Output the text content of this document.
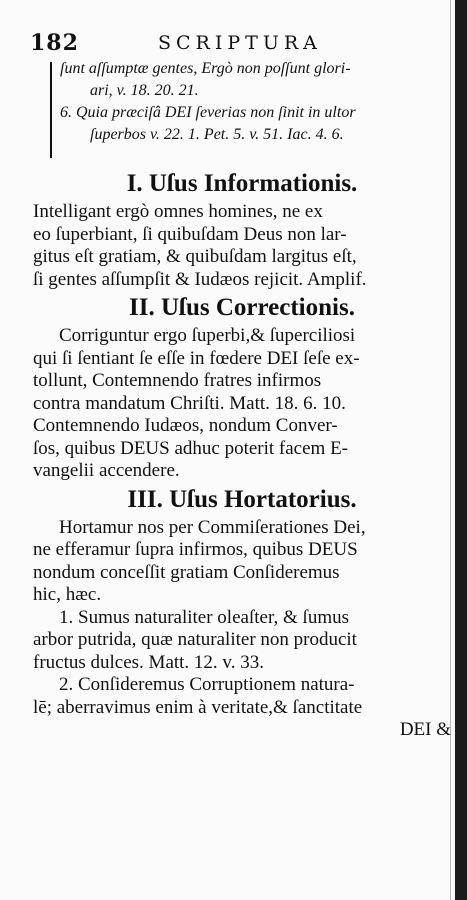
182	SCRIPTURA
ſunt aſſumptæ gentes, Ergò non poſſunt glori-
ari, v. 18. 20. 21.
6. Quia præciſâ DEI ſeverias non ſinit in ultor
ſuperbos v. 22. 1. Pet. 5. v. 51. Iac. 4. 6.
I. Uſus Informationis.
Intelligant ergò omnes homines, ne ex
eo ſuperbiant, ſi quibuſdam Deus non lar-
gitus eſt gratiam, & quibuſdam largitus eſt,
ſi gentes aſſumpſit & Iudæos rejicit. Amplif.
II. Uſus Correctionis.
Corriguntur ergo ſuperbi,& ſuperciliosi
qui ſi ſentiant ſe eſſe in fœdere DEI ſeſe ex-
tollunt, Contemnendo fratres infirmos
contra mandatum Chriſti. Matt. 18. 6. 10.
Contemnendo Iudæos, nondum Conver-
ſos, quibus DEUS adhuc poterit facem E-
vangelii accendere.
III. Uſus Hortatorius.
Hortamur nos per Commiſerationes Dei,
ne efferamur ſupra infirmos, quibus DEUS
nondum conceſſit gratiam Conſideremus
hic, hæc.
1. Sumus naturaliter oleaſter, & ſumus
arbor putrida, quæ naturaliter non producit
fructus dulces. Matt. 12. v. 33.
2. Conſideremus Corruptionem natura-
lē; aberravimus enim à veritate,& ſanctitate
DEI &
